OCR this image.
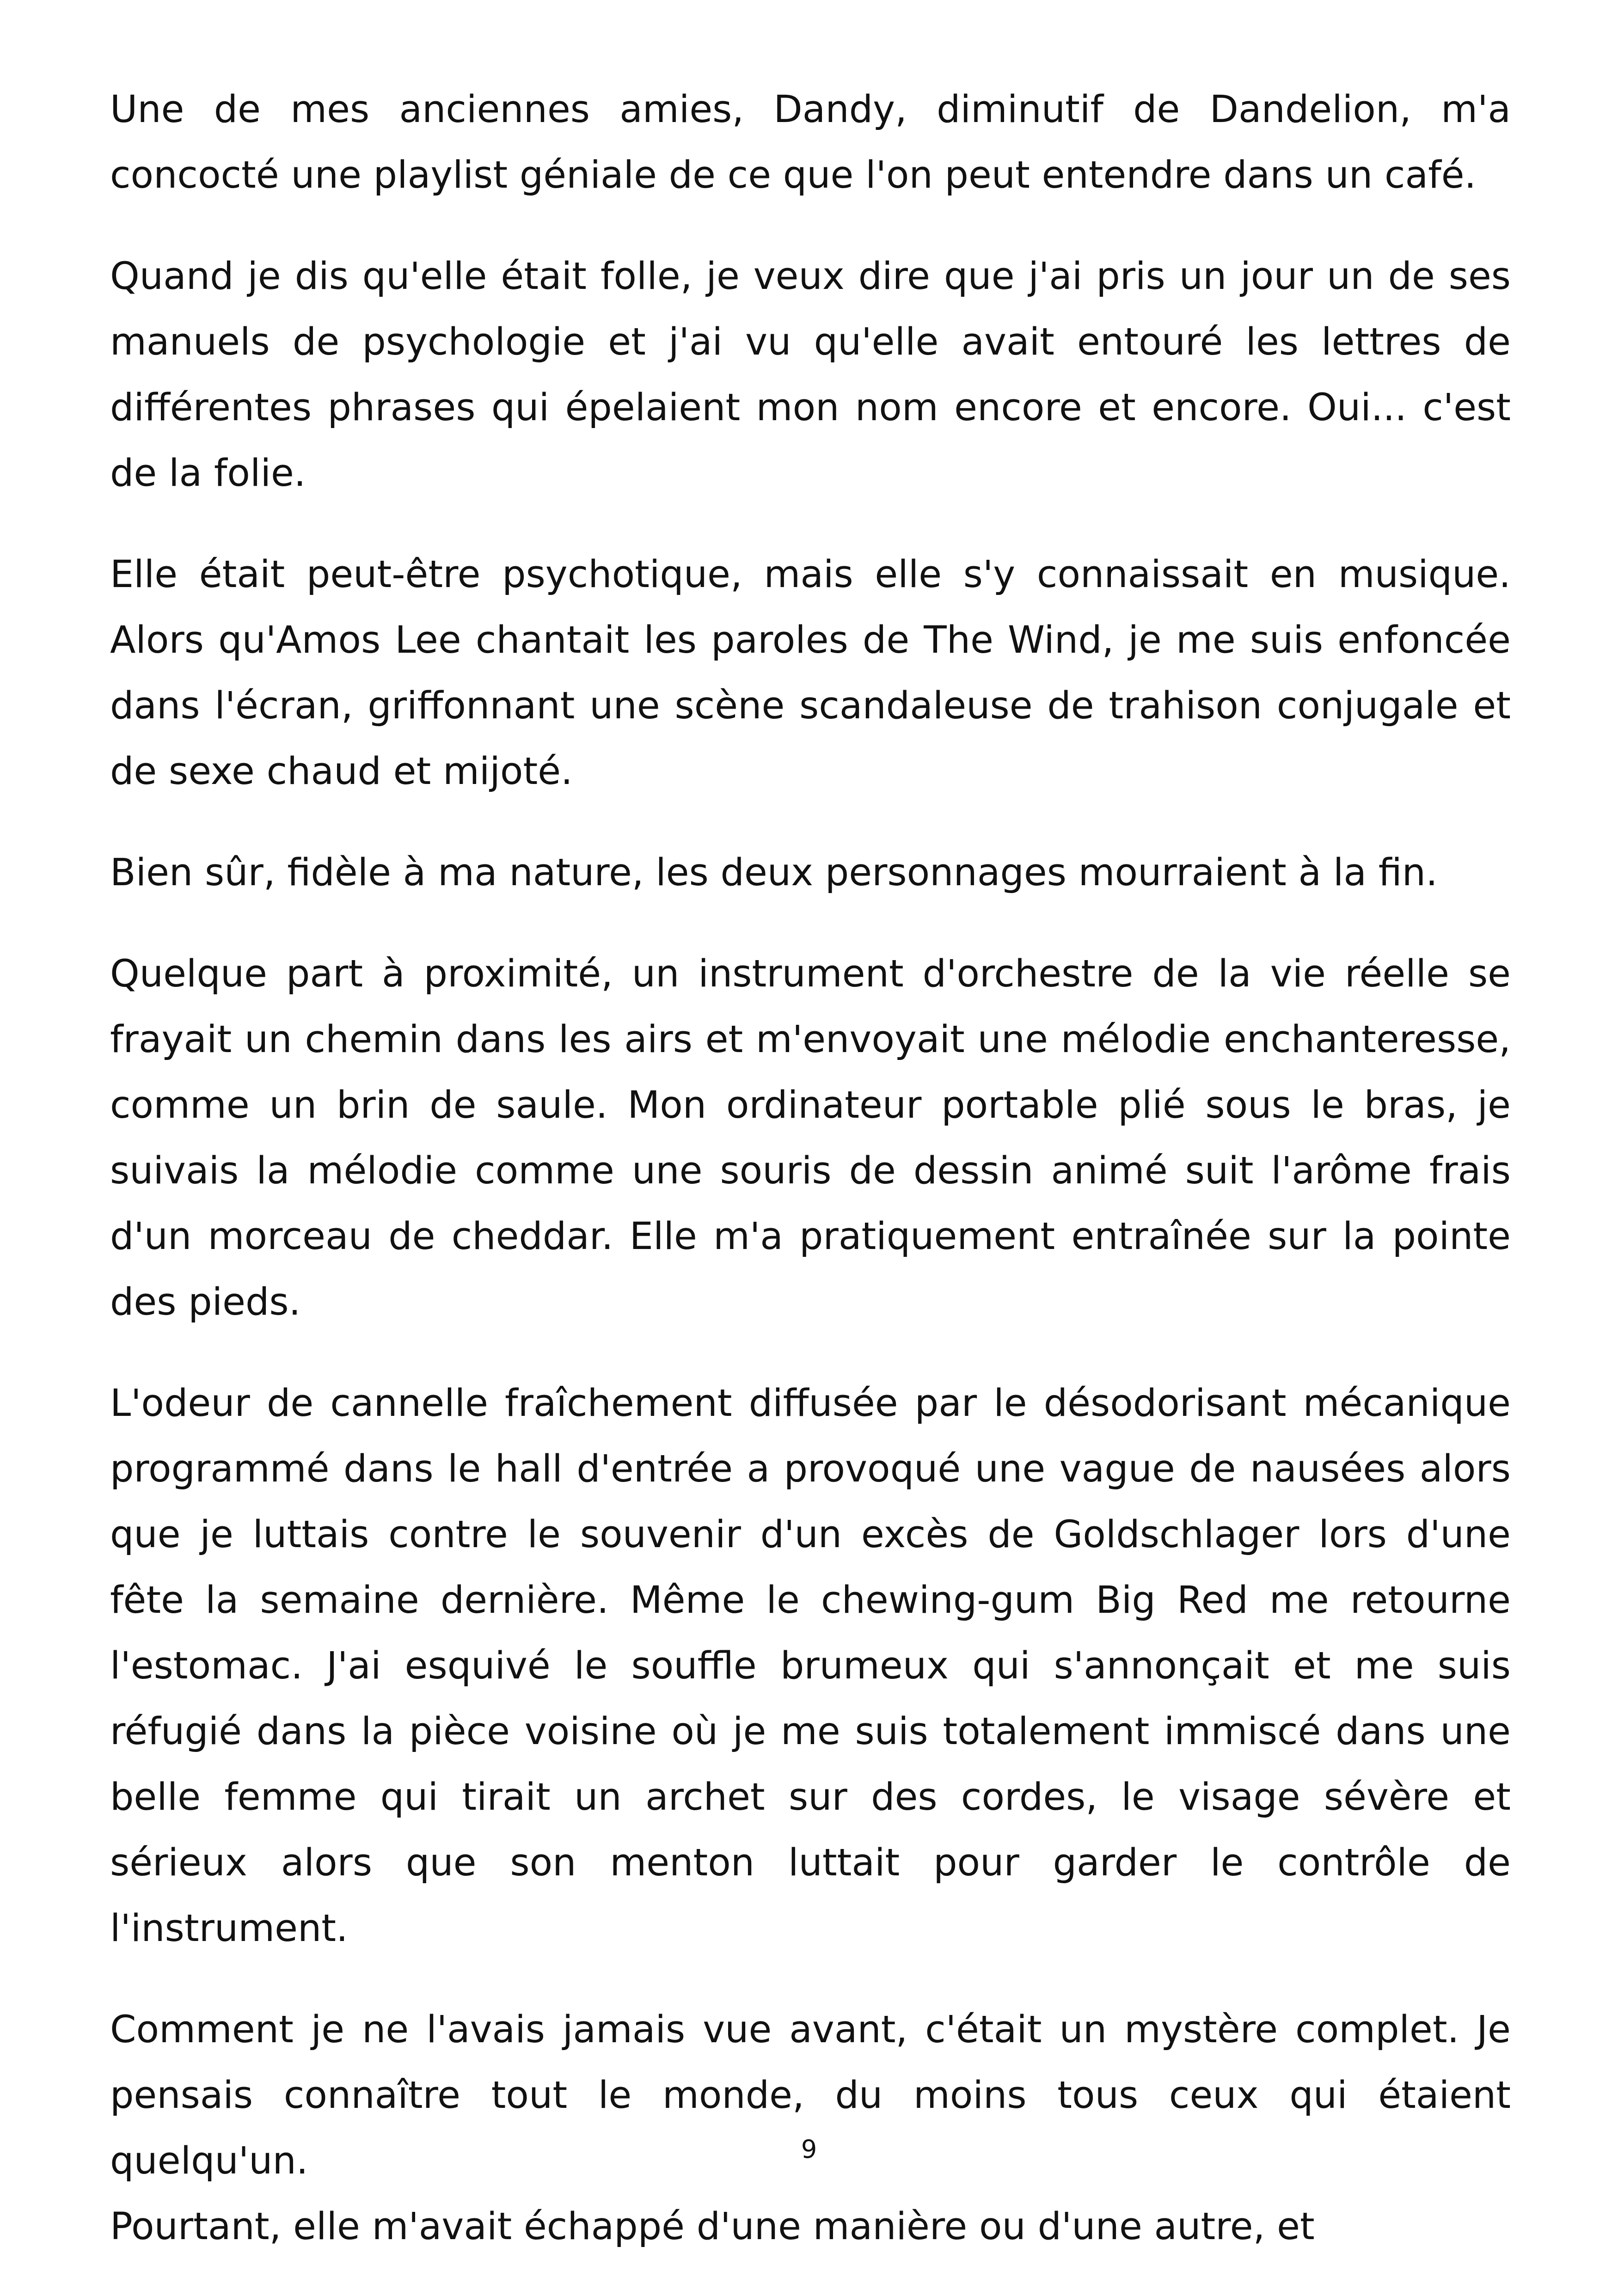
Une de mes anciennes amies, Dandy, diminutif de Dandelion, m'a concocté une playlist géniale de ce que l'on peut entendre dans un café.

Quand je dis qu'elle était folle, je veux dire que j'ai pris un jour un de ses manuels de psychologie et j'ai vu qu'elle avait entouré les lettres de différentes phrases qui épelaient mon nom encore et encore. Oui... c'est de la folie.

Elle était peut-être psychotique, mais elle s'y connaissait en musique. Alors qu'Amos Lee chantait les paroles de The Wind, je me suis enfoncée dans l'écran, griffonnant une scène scandaleuse de trahison conjugale et de sexe chaud et mijoté.

Bien sûr, fidèle à ma nature, les deux personnages mourraient à la fin.

Quelque part à proximité, un instrument d'orchestre de la vie réelle se frayait un chemin dans les airs et m'envoyait une mélodie enchanteresse, comme un brin de saule. Mon ordinateur portable plié sous le bras, je suivais la mélodie comme une souris de dessin animé suit l'arôme frais d'un morceau de cheddar. Elle m'a pratiquement entraînée sur la pointe des pieds.

L'odeur de cannelle fraîchement diffusée par le désodorisant mécanique programmé dans le hall d'entrée a provoqué une vague de nausées alors que je luttais contre le souvenir d'un excès de Goldschlager lors d'une fête la semaine dernière. Même le chewing-gum Big Red me retourne l'estomac. J'ai esquivé le souffle brumeux qui s'annonçait et me suis réfugié dans la pièce voisine où je me suis totalement immiscé dans une belle femme qui tirait un archet sur des cordes, le visage sévère et sérieux alors que son menton luttait pour garder le contrôle de l'instrument.

Comment je ne l'avais jamais vue avant, c'était un mystère complet. Je pensais connaître tout le monde, du moins tous ceux qui étaient quelqu'un.

Pourtant, elle m'avait échappé d'une manière ou d'une autre, et

9
